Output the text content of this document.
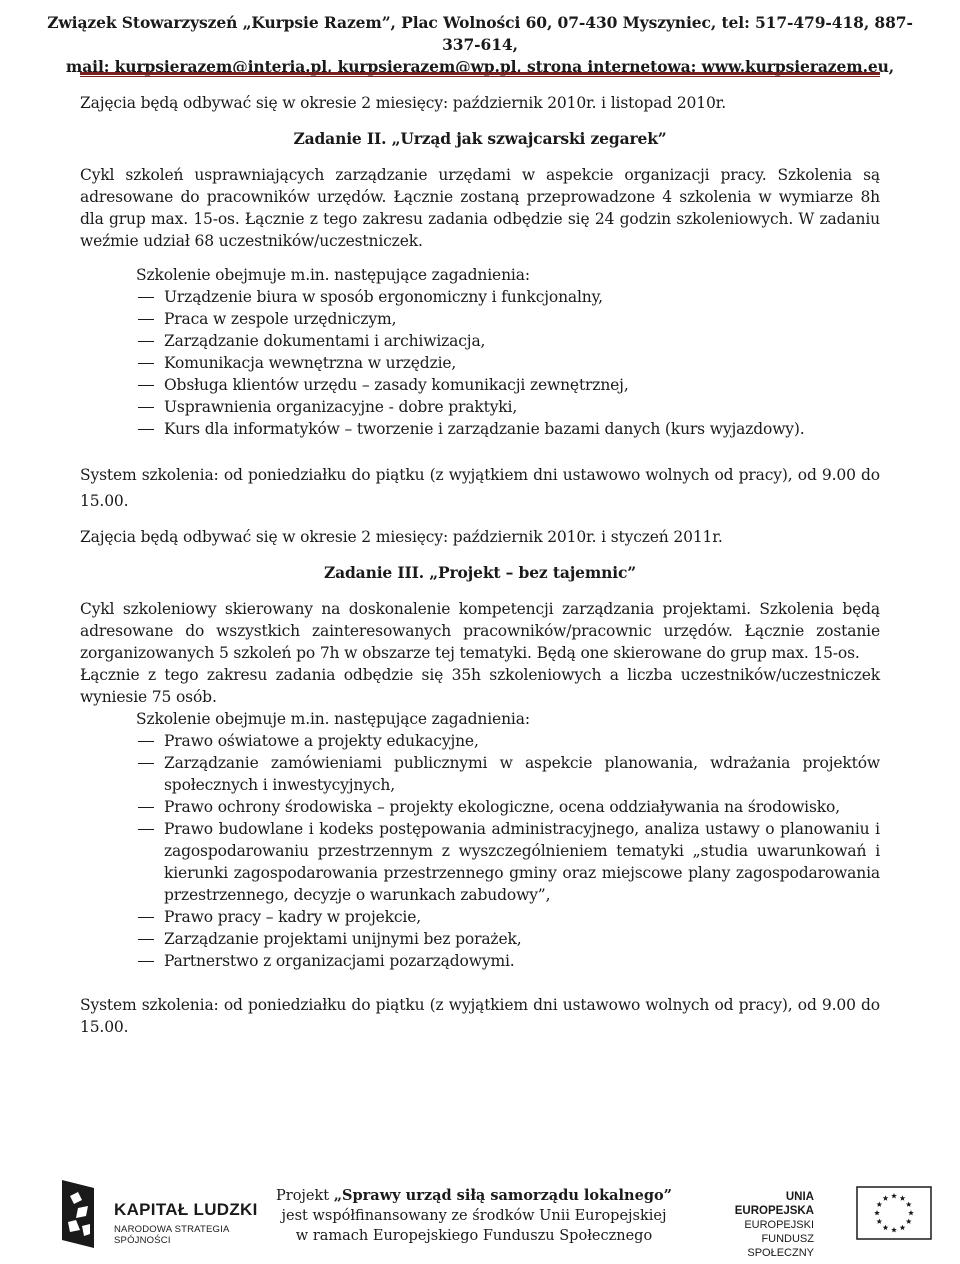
Związek Stowarzyszeń „Kurpsie Razem”, Plac Wolności 60, 07-430 Myszyniec, tel: 517-479-418, 887-337-614,
mail: kurpsierazem@interia.pl, kurpsierazem@wp.pl, strona internetowa: www.kurpsierazem.eu,

Zajęcia będą odbywać się w okresie 2 miesięcy: październik 2010r. i listopad 2010r.

Zadanie II. „Urząd jak szwajcarski zegarek”

Cykl szkoleń usprawniających zarządzanie urzędami w aspekcie organizacji pracy. Szkolenia są adresowane do pracowników urzędów. Łącznie zostaną przeprowadzone 4 szkolenia w wymiarze 8h dla grup max. 15-os. Łącznie z tego zakresu zadania odbędzie się 24 godzin szkoleniowych. W zadaniu weźmie udział 68 uczestników/uczestniczek.

Szkolenie obejmuje m.in. następujące zagadnienia:

Urządzenie biura w sposób ergonomiczny i funkcjonalny,
Praca w zespole urzędniczym,
Zarządzanie dokumentami i archiwizacja,
Komunikacja wewnętrzna w urzędzie,
Obsługa klientów urzędu – zasady komunikacji zewnętrznej,
Usprawnienia organizacyjne - dobre praktyki,
Kurs dla informatyków – tworzenie i zarządzanie bazami danych (kurs wyjazdowy).

System szkolenia: od poniedziałku do piątku (z wyjątkiem dni ustawowo wolnych od pracy), od 9.00 do 15.00.

Zajęcia będą odbywać się w okresie 2 miesięcy: październik 2010r. i styczeń 2011r.

Zadanie III. „Projekt – bez tajemnic”

Cykl szkoleniowy skierowany na doskonalenie kompetencji zarządzania projektami. Szkolenia będą adresowane do wszystkich zainteresowanych pracowników/pracownic urzędów. Łącznie zostanie zorganizowanych 5 szkoleń po 7h w obszarze tej tematyki. Będą one skierowane do grup max. 15-os.

Łącznie z tego zakresu zadania odbędzie się 35h szkoleniowych a liczba uczestników/uczestniczek wyniesie 75 osób.

Szkolenie obejmuje m.in. następujące zagadnienia:

Prawo oświatowe a projekty edukacyjne,
Zarządzanie zamówieniami publicznymi w aspekcie planowania, wdrażania projektów społecznych i inwestycyjnych,
Prawo ochrony środowiska – projekty ekologiczne, ocena oddziaływania na środowisko,
Prawo budowlane i kodeks postępowania administracyjnego, analiza ustawy o planowaniu i zagospodarowaniu przestrzennym z wyszczególnieniem tematyki „studia uwarunkowań i kierunki zagospodarowania przestrzennego gminy oraz miejscowe plany zagospodarowania przestrzennego, decyzje o warunkach zabudowy”,
Prawo pracy – kadry w projekcie,
Zarządzanie projektami unijnymi bez porażek,
Partnerstwo z organizacjami pozarządowymi.

System szkolenia: od poniedziałku do piątku (z wyjątkiem dni ustawowo wolnych od pracy), od 9.00 do 15.00.

KAPITAŁ LUDZKI
NARODOWA STRATEGIA SPÓJNOŚCI
Projekt „Sprawy urząd siłą samorządu lokalnego”
jest współfinansowany ze środków Unii Europejskiej
w ramach Europejskiego Funduszu Społecznego
UNIA EUROPEJSKA
EUROPEJSKI
FUNDUSZ SPOŁECZNY
